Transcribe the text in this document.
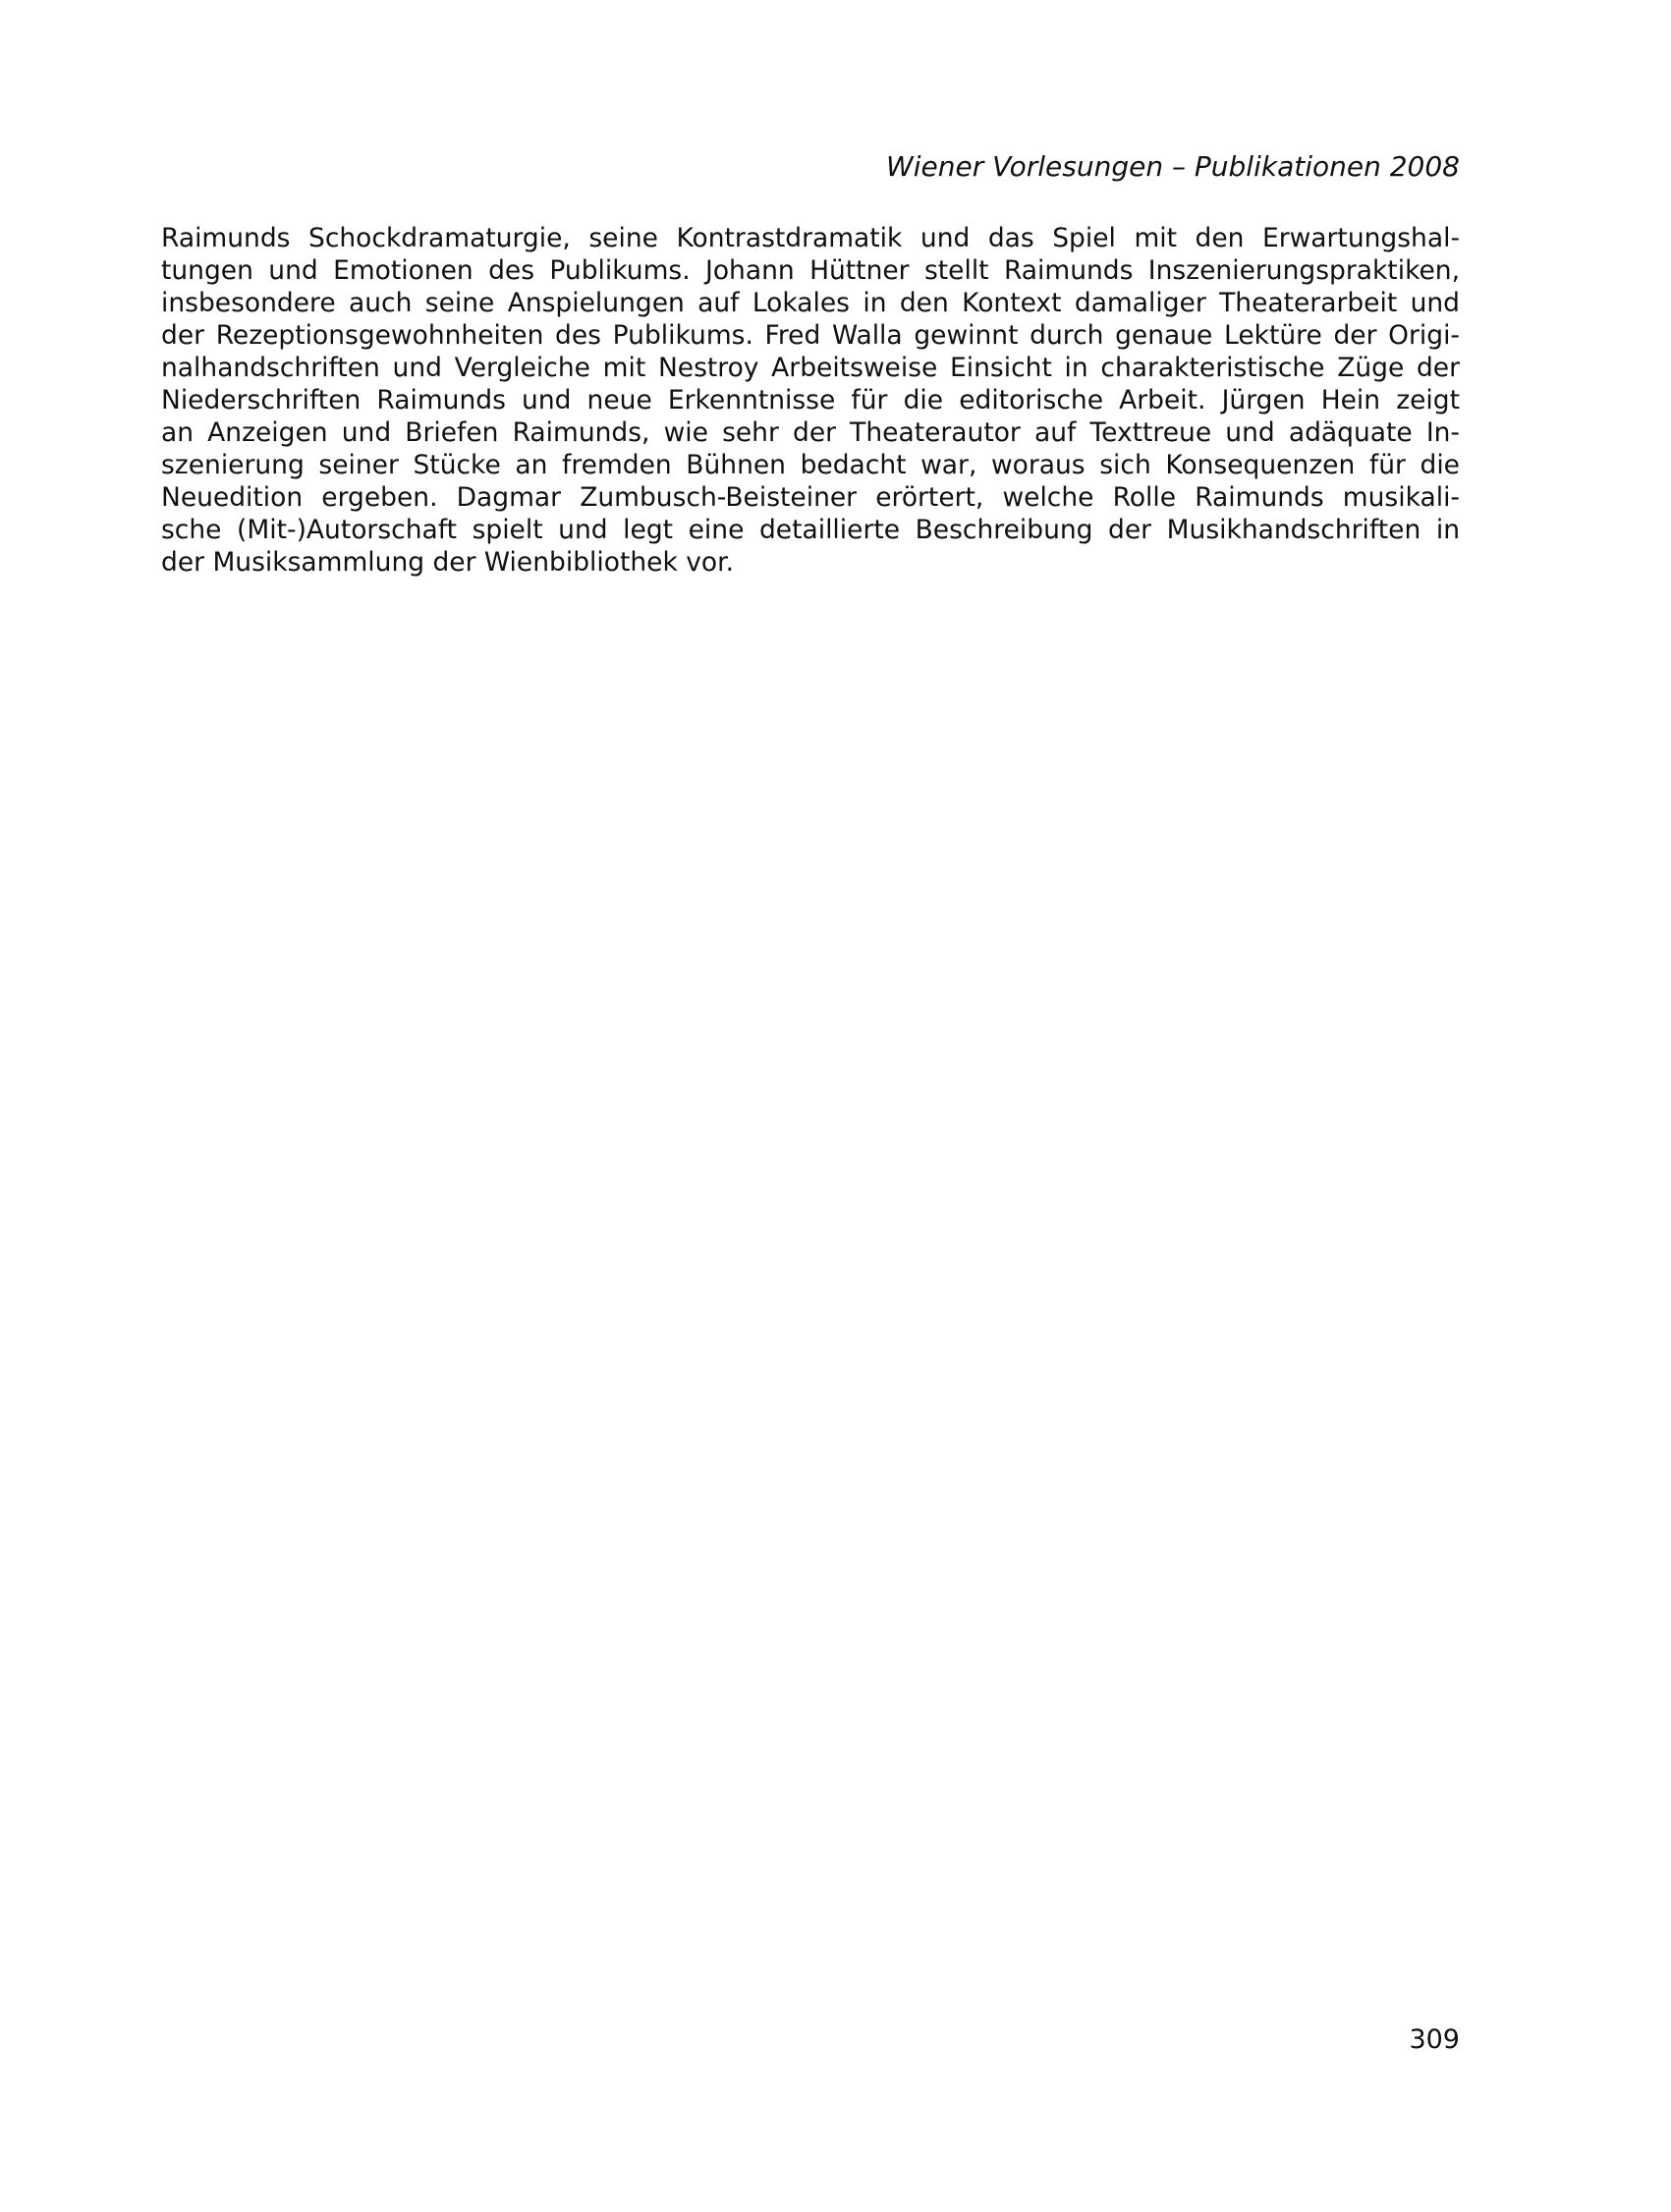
Wiener Vorlesungen – Publikationen 2008
Raimunds Schockdramaturgie, seine Kontrastdramatik und das Spiel mit den Erwartungshal-
tungen und Emotionen des Publikums. Johann Hüttner stellt Raimunds Inszenierungspraktiken,
insbesondere auch seine Anspielungen auf Lokales in den Kontext damaliger Theaterarbeit und
der Rezeptionsgewohnheiten des Publikums. Fred Walla gewinnt durch genaue Lektüre der Origi-
nalhandschriften und Vergleiche mit Nestroy Arbeitsweise Einsicht in charakteristische Züge der
Niederschriften Raimunds und neue Erkenntnisse für die editorische Arbeit. Jürgen Hein zeigt
an Anzeigen und Briefen Raimunds, wie sehr der Theaterautor auf Texttreue und adäquate In-
szenierung seiner Stücke an fremden Bühnen bedacht war, woraus sich Konsequenzen für die
Neuedition ergeben. Dagmar Zumbusch-Beisteiner erörtert, welche Rolle Raimunds musikali-
sche (Mit-)Autorschaft spielt und legt eine detaillierte Beschreibung der Musikhandschriften in
der Musiksammlung der Wienbibliothek vor.
309
